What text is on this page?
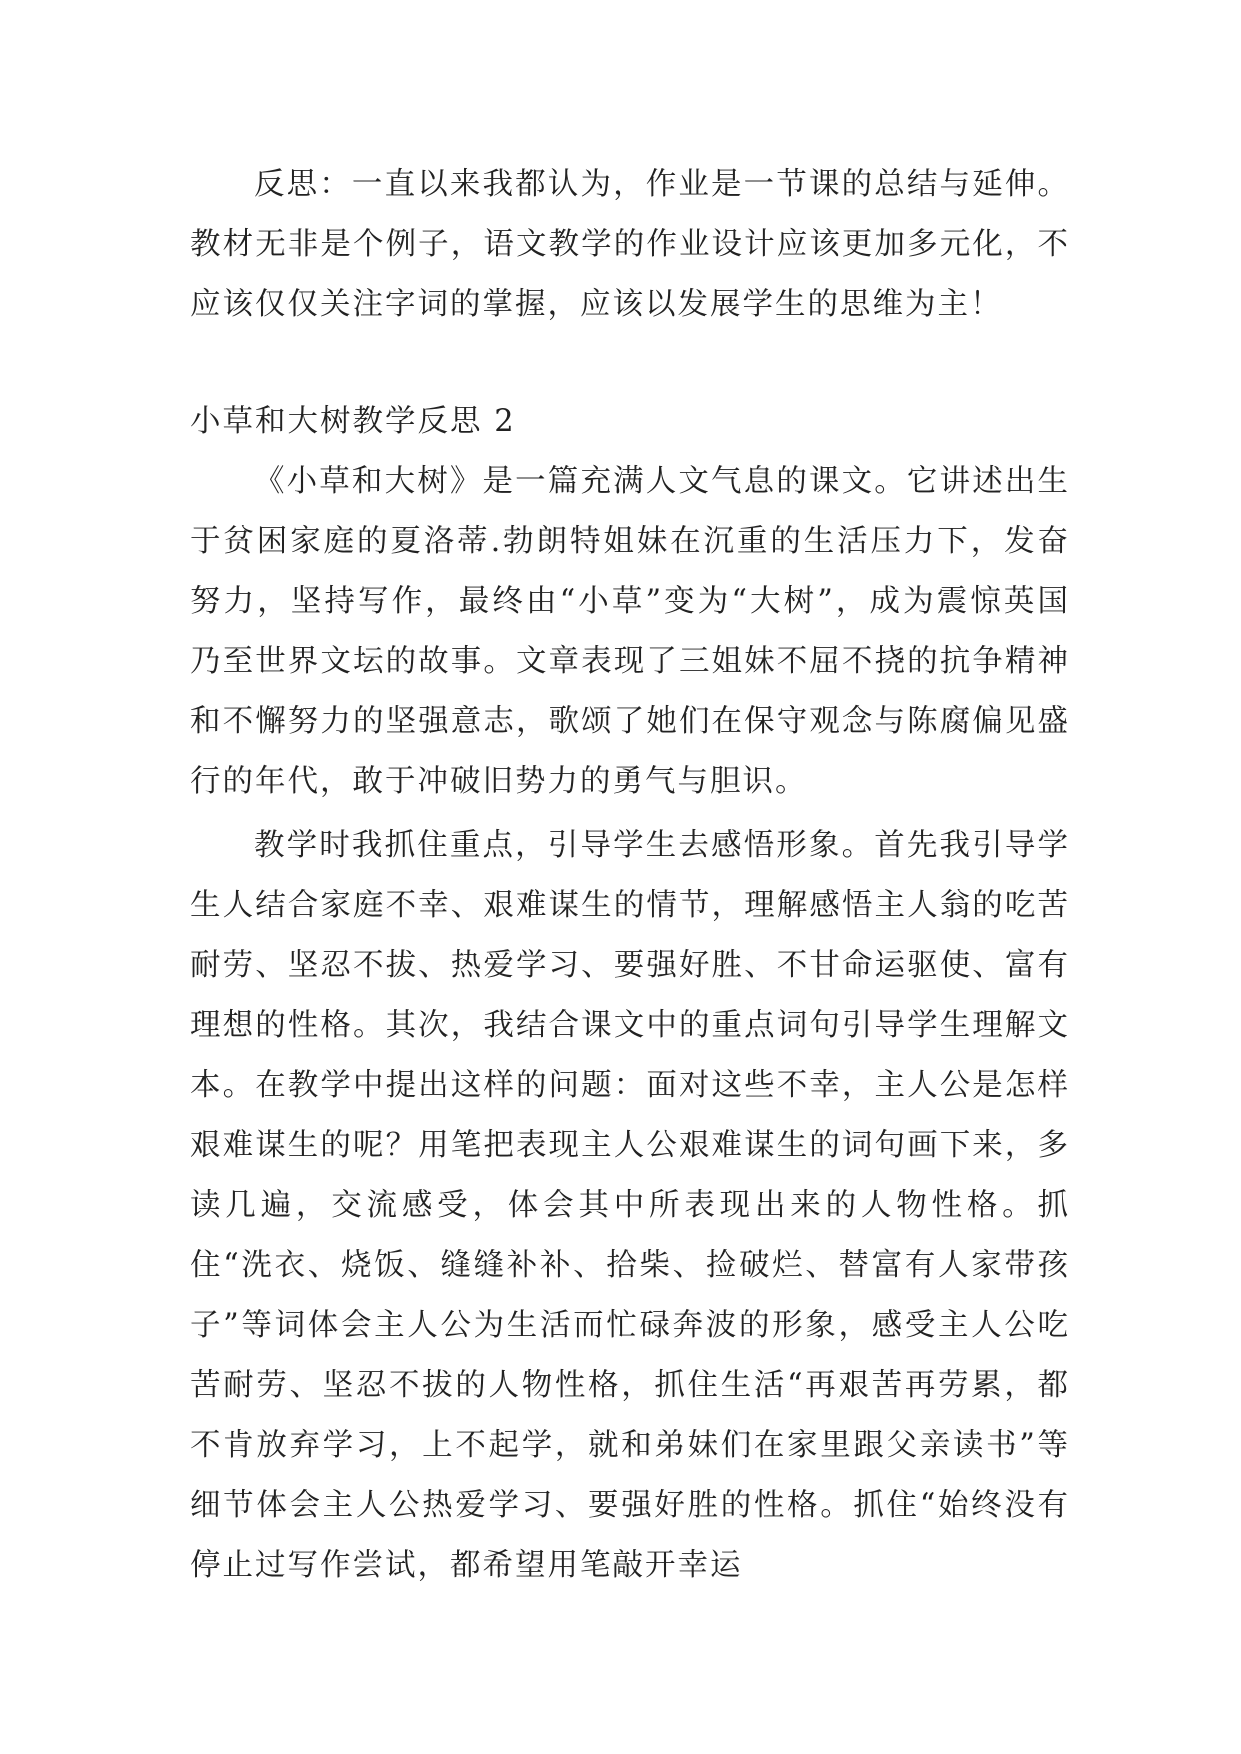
反思：一直以来我都认为，作业是一节课的总结与延伸。教材无非是个例子，语文教学的作业设计应该更加多元化，不应该仅仅关注字词的掌握，应该以发展学生的思维为主！

小草和大树教学反思 2

《小草和大树》是一篇充满人文气息的课文。它讲述出生于贫困家庭的夏洛蒂.勃朗特姐妹在沉重的生活压力下，发奋努力，坚持写作，最终由“小草”变为“大树”，成为震惊英国乃至世界文坛的故事。文章表现了三姐妹不屈不挠的抗争精神和不懈努力的坚强意志，歌颂了她们在保守观念与陈腐偏见盛行的年代，敢于冲破旧势力的勇气与胆识。

教学时我抓住重点，引导学生去感悟形象。首先我引导学生人结合家庭不幸、艰难谋生的情节，理解感悟主人翁的吃苦耐劳、坚忍不拔、热爱学习、要强好胜、不甘命运驱使、富有理想的性格。其次，我结合课文中的重点词句引导学生理解文本。在教学中提出这样的问题：面对这些不幸，主人公是怎样艰难谋生的呢？用笔把表现主人公艰难谋生的词句画下来，多读几遍，交流感受，体会其中所表现出来的人物性格。抓住“洗衣、烧饭、缝缝补补、拾柴、捡破烂、替富有人家带孩子”等词体会主人公为生活而忙碌奔波的形象，感受主人公吃苦耐劳、坚忍不拔的人物性格，抓住生活“再艰苦再劳累，都不肯放弃学习，上不起学，就和弟妹们在家里跟父亲读书”等细节体会主人公热爱学习、要强好胜的性格。抓住“始终没有停止过写作尝试，都希望用笔敲开幸运
